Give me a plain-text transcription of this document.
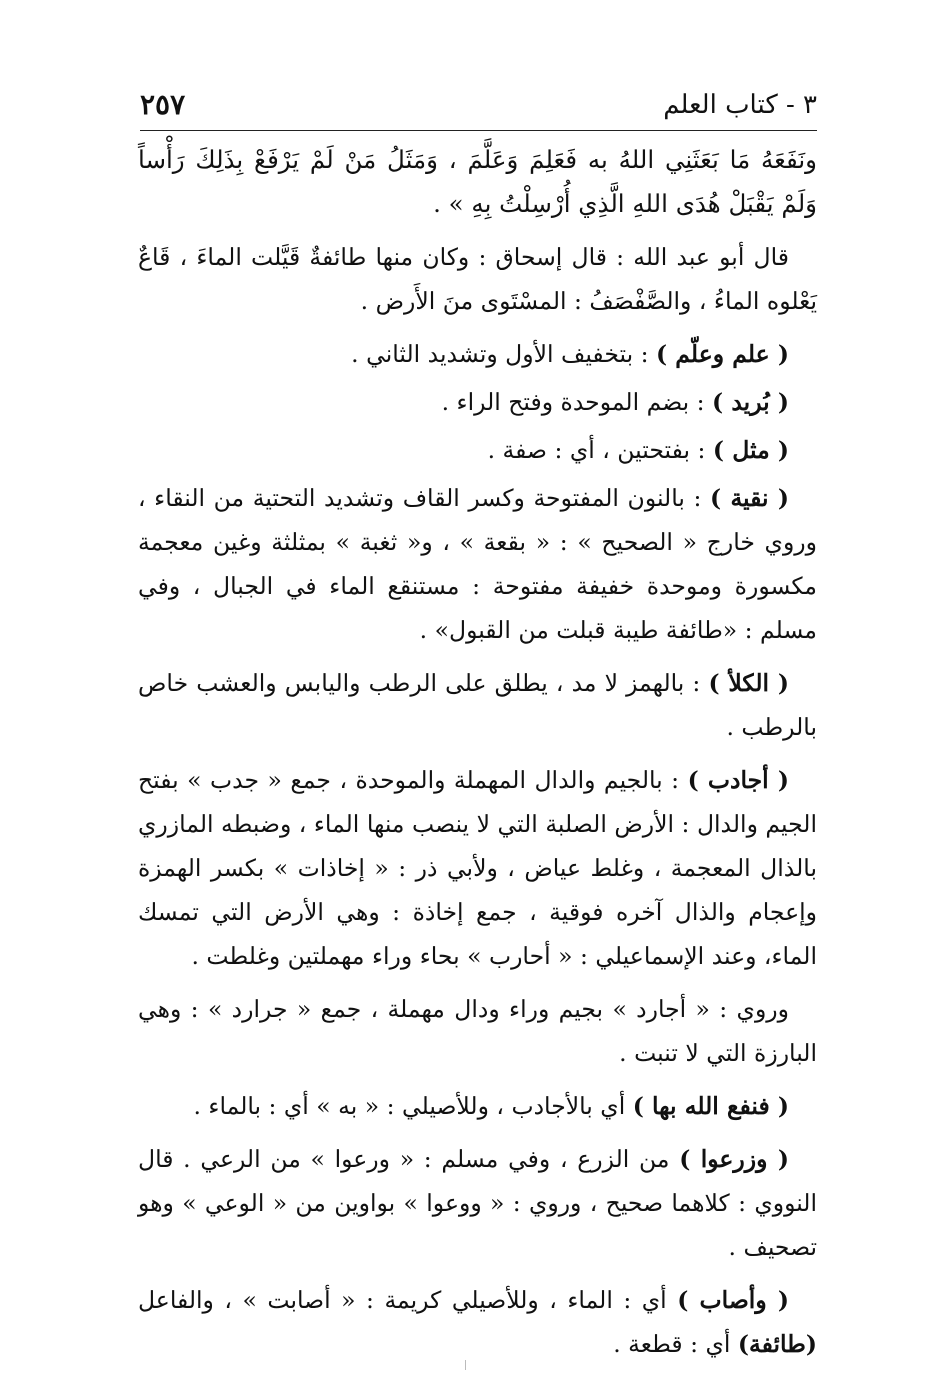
٣ - كتاب العلم
٢٥٧

ونَفَعَهُ مَا بَعَثَنِي اللهُ به فَعَلِمَ وَعَلَّمَ ، وَمَثَلُ مَنْ لَمْ يَرْفَعْ بِذَلِكَ رَأْساً وَلَمْ يَقْبَلْ هُدَى اللهِ الَّذِي أُرْسِلْتُ بِهِ » .

قال أبو عبد الله : قال إسحاق : وكان منها طائفةٌ قَيَّلت الماءَ ، قَاعٌ يَعْلوه الماءُ ، والصَّفْصَفُ : المسْتَوى منَ الأَرض .

( علم وعلّم ) : بتخفيف الأول وتشديد الثاني .

( بُريد ) : بضم الموحدة وفتح الراء .

( مثل ) : بفتحتين ، أي : صفة .

( نقية ) : بالنون المفتوحة وكسر القاف وتشديد التحتية من النقاء ، وروي خارج « الصحيح » : « بقعة » ، و« ثغبة » بمثلثة وغين معجمة مكسورة وموحدة خفيفة مفتوحة : مستنقع الماء في الجبال ، وفي مسلم : «طائفة طيبة قبلت من القبول» .

( الكلأ ) : بالهمز لا مد ، يطلق على الرطب واليابس والعشب خاص بالرطب .

( أجادب ) : بالجيم والدال المهملة والموحدة ، جمع « جدب » بفتح الجيم والدال : الأرض الصلبة التي لا ينصب منها الماء ، وضبطه المازري بالذال المعجمة ، وغلط عياض ، ولأبي ذر : « إخاذات » بكسر الهمزة وإعجام والذال آخره فوقية ، جمع إخاذة : وهي الأرض التي تمسك الماء، وعند الإسماعيلي : « أحارب » بحاء وراء مهملتين وغلطت .

وروي : « أجارد » بجيم وراء ودال مهملة ، جمع « جرارد » : وهي البارزة التي لا تنبت .

( فنفع الله بها ) أي بالأجادب ، وللأصيلي : « به » أي : بالماء .

( وزرعوا ) من الزرع ، وفي مسلم : « ورعوا » من الرعي . قال النووي : كلاهما صحيح ، وروي : « ووعوا » بواوين من « الوعي » وهو تصحيف .

( وأصاب ) أي : الماء ، وللأصيلي كريمة : « أصابت » ، والفاعل (طائفة) أي : قطعة .
